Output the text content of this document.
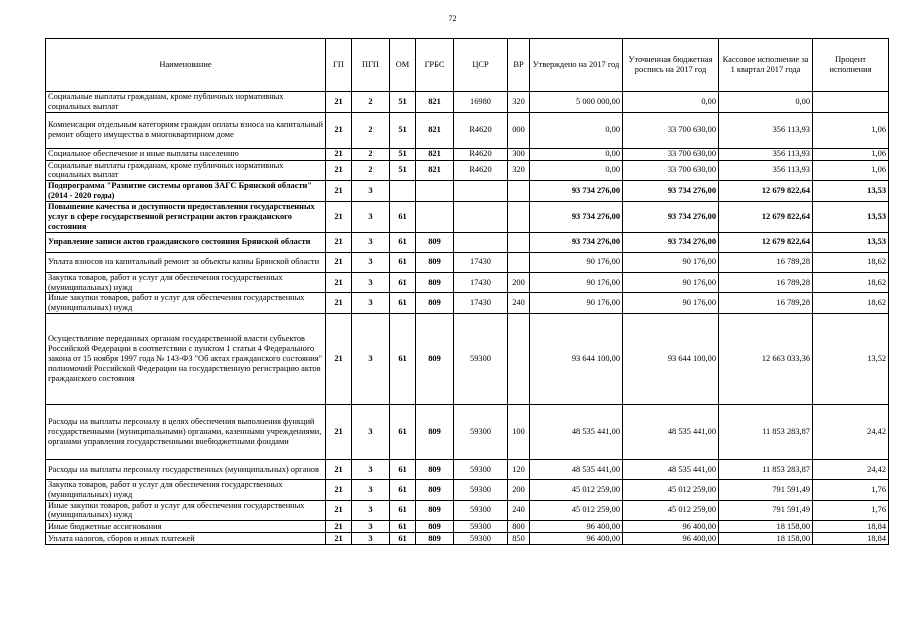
72
Наименование	ГП	ПГП	ОМ	ГРБС	ЦСР	ВР	Утверждено на 2017 год	Уточненная бюджетная роспись на 2017 год	Кассовое исполнение за 1 квартал 2017 года	Процент исполнения
Социальные выплаты гражданам, кроме публичных нормативных социальных выплат	21	2	51	821	16980	320	5 000 000,00	0,00	0,00	
Компенсация отдельным категориям граждан оплаты взноса на капитальный ремонт общего имущества в многоквартирном доме	21	2	51	821	R4620	000	0,00	33 700 630,00	356 113,93	1,06
Социальное обеспечение и иные выплаты населению	21	2	51	821	R4620	300	0,00	33 700 630,00	356 113,93	1,06
Социальные выплаты гражданам, кроме публичных нормативных социальных выплат	21	2	51	821	R4620	320	0,00	33 700 630,00	356 113,93	1,06
Подпрограмма "Развитие системы органов ЗАГС Брянской области" (2014 - 2020 годы)	21	3					93 734 276,00	93 734 276,00	12 679 822,64	13,53
Повышение качества и доступности предоставления государственных услуг в сфере государственной регистрации актов гражданского состояния	21	3	61				93 734 276,00	93 734 276,00	12 679 822,64	13,53
Управление записи актов гражданского состояния Брянской области	21	3	61	809			93 734 276,00	93 734 276,00	12 679 822,64	13,53
Уплата взносов на капитальный ремонт за объекты казны Брянской области	21	3	61	809	17430		90 176,00	90 176,00	16 789,28	18,62
Закупка товаров, работ и услуг для обеспечения государственных (муниципальных) нужд	21	3	61	809	17430	200	90 176,00	90 176,00	16 789,28	18,62
Иные закупки товаров, работ и услуг для обеспечения государственных (муниципальных) нужд	21	3	61	809	17430	240	90 176,00	90 176,00	16 789,28	18,62
Осуществление переданных органам государственной власти субъектов Российской Федерации в соответствии с пунктом 1 статьи 4 Федерального закона от 15 ноября 1997 года № 143-ФЗ "Об актах гражданского состояния" полномочий Российской Федерации на государственную регистрацию актов гражданского состояния	21	3	61	809	59300		93 644 100,00	93 644 100,00	12 663 033,36	13,52
Расходы на выплаты персоналу в целях обеспечения выполнения функций государственными (муниципальными) органами, казенными учреждениями, органами управления государственными внебюджетными фондами	21	3	61	809	59300	100	48 535 441,00	48 535 441,00	11 853 283,87	24,42
Расходы на выплаты персоналу государственных (муниципальных) органов	21	3	61	809	59300	120	48 535 441,00	48 535 441,00	11 853 283,87	24,42
Закупка товаров, работ и услуг для обеспечения государственных (муниципальных) нужд	21	3	61	809	59300	200	45 012 259,00	45 012 259,00	791 591,49	1,76
Иные закупки товаров, работ и услуг для обеспечения государственных (муниципальных) нужд	21	3	61	809	59300	240	45 012 259,00	45 012 259,00	791 591,49	1,76
Иные бюджетные ассигнования	21	3	61	809	59300	800	96 400,00	96 400,00	18 158,00	18,84
Уплата налогов, сборов и иных платежей	21	3	61	809	59300	850	96 400,00	96 400,00	18 158,00	18,84
